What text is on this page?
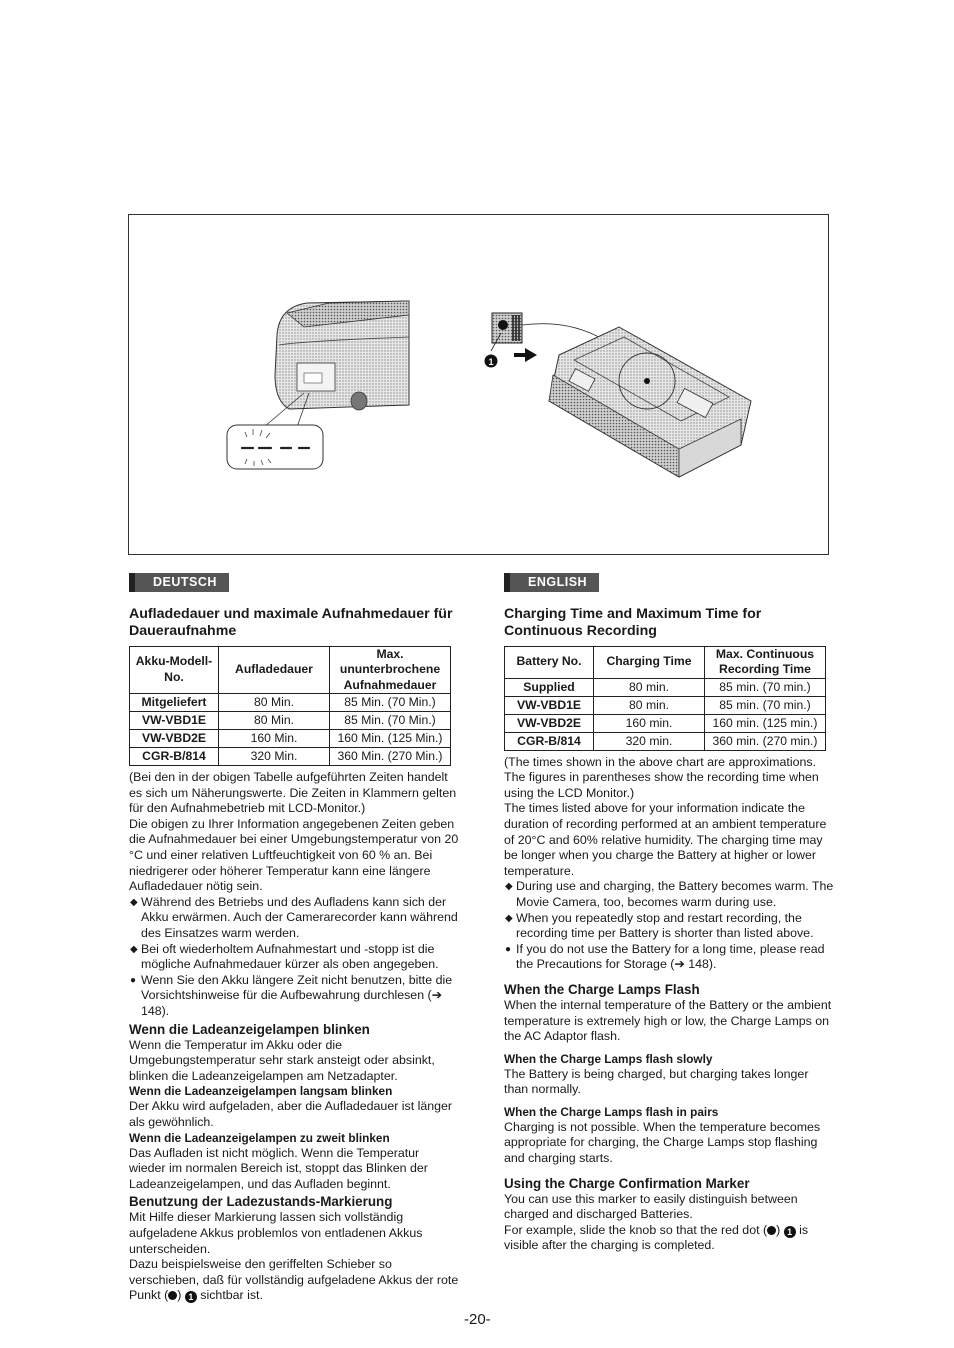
1
DEUTSCH
Aufladedauer und maximale Aufnahmedauer für Daueraufnahme
Akku-Modell-No.	Aufladedauer	Max. ununterbrochene Aufnahmedauer
Mitgeliefert	80 Min.	85 Min. (70 Min.)
VW-VBD1E	80 Min.	85 Min. (70 Min.)
VW-VBD2E	160 Min.	160 Min. (125 Min.)
CGR-B/814	320 Min.	360 Min. (270 Min.)

(Bei den in der obigen Tabelle aufgeführten Zeiten handelt es sich um Näherungswerte. Die Zeiten in Klammern gelten für den Aufnahmebetrieb mit LCD-Monitor.)

Die obigen zu Ihrer Information angegebenen Zeiten geben die Aufnahmedauer bei einer Umgebungstemperatur von 20 °C und einer relativen Luftfeuchtigkeit von 60 % an. Bei niedrigerer oder höherer Temperatur kann eine längere Aufladedauer nötig sein.

◆ Während des Betriebs und des Aufladens kann sich der Akku erwärmen. Auch der Camerarecorder kann während des Einsatzes warm werden.
◆ Bei oft wiederholtem Aufnahmestart und -stopp ist die mögliche Aufnahmedauer kürzer als oben angegeben.
● Wenn Sie den Akku längere Zeit nicht benutzen, bitte die Vorsichtshinweise für die Aufbewahrung durchlesen (➔ 148).
Wenn die Ladeanzeigelampen blinken

Wenn die Temperatur im Akku oder die Umgebungstemperatur sehr stark ansteigt oder absinkt, blinken die Ladeanzeigelampen am Netzadapter.

Wenn die Ladeanzeigelampen langsam blinken

Der Akku wird aufgeladen, aber die Aufladedauer ist länger als gewöhnlich.

Wenn die Ladeanzeigelampen zu zweit blinken

Das Aufladen ist nicht möglich. Wenn die Temperatur wieder im normalen Bereich ist, stoppt das Blinken der Ladeanzeigelampen, und das Aufladen beginnt.

Benutzung der Ladezustands-Markierung

Mit Hilfe dieser Markierung lassen sich vollständig aufgeladene Akkus problemlos von entladenen Akkus unterscheiden.

Dazu beispielsweise den geriffelten Schieber so verschieben, daß für vollständig aufgeladene Akkus der rote Punkt ( ) 1 sichtbar ist.

ENGLISH
Charging Time and Maximum Time for Continuous Recording
Battery No.	Charging Time	Max. Continuous Recording Time
Supplied	80 min.	85 min. (70 min.)
VW-VBD1E	80 min.	85 min. (70 min.)
VW-VBD2E	160 min.	160 min. (125 min.)
CGR-B/814	320 min.	360 min. (270 min.)

(The times shown in the above chart are approximations. The figures in parentheses show the recording time when using the LCD Monitor.)

The times listed above for your information indicate the duration of recording performed at an ambient temperature of 20°C and 60% relative humidity. The charging time may be longer when you charge the Battery at higher or lower temperature.

◆ During use and charging, the Battery becomes warm. The Movie Camera, too, becomes warm during use.
◆ When you repeatedly stop and restart recording, the recording time per Battery is shorter than listed above.
● If you do not use the Battery for a long time, please read the Precautions for Storage (➔ 148).
When the Charge Lamps Flash

When the internal temperature of the Battery or the ambient temperature is extremely high or low, the Charge Lamps on the AC Adaptor flash.

When the Charge Lamps flash slowly

The Battery is being charged, but charging takes longer than normally.

When the Charge Lamps flash in pairs

Charging is not possible. When the temperature becomes appropriate for charging, the Charge Lamps stop flashing and charging starts.

Using the Charge Confirmation Marker

You can use this marker to easily distinguish between charged and discharged Batteries.

For example, slide the knob so that the red dot ( ) 1 is visible after the charging is completed.

-20-
